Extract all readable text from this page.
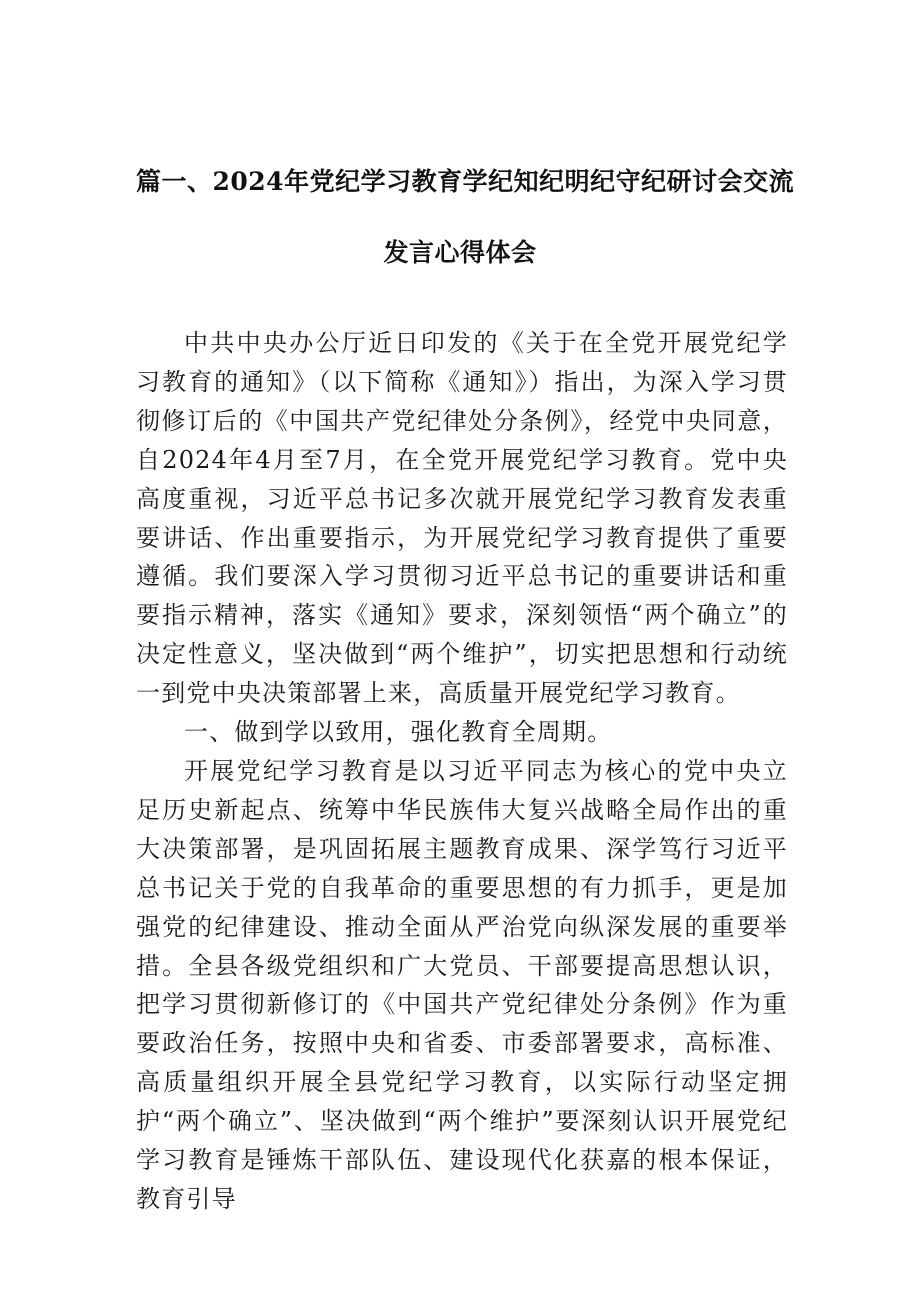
篇一、2024年党纪学习教育学纪知纪明纪守纪研讨会交流
发言心得体会

中共中央办公厅近日印发的《关于在全党开展党纪学习教育的通知》（以下简称《通知》）指出，为深入学习贯彻修订后的《中国共产党纪律处分条例》，经党中央同意，自2024年4月至7月，在全党开展党纪学习教育。党中央高度重视，习近平总书记多次就开展党纪学习教育发表重要讲话、作出重要指示，为开展党纪学习教育提供了重要遵循。我们要深入学习贯彻习近平总书记的重要讲话和重要指示精神，落实《通知》要求，深刻领悟“两个确立”的决定性意义，坚决做到“两个维护”，切实把思想和行动统一到党中央决策部署上来，高质量开展党纪学习教育。

一、做到学以致用，强化教育全周期。

开展党纪学习教育是以习近平同志为核心的党中央立足历史新起点、统筹中华民族伟大复兴战略全局作出的重大决策部署，是巩固拓展主题教育成果、深学笃行习近平总书记关于党的自我革命的重要思想的有力抓手，更是加强党的纪律建设、推动全面从严治党向纵深发展的重要举措。全县各级党组织和广大党员、干部要提高思想认识，把学习贯彻新修订的《中国共产党纪律处分条例》作为重要政治任务，按照中央和省委、市委部署要求，高标准、高质量组织开展全县党纪学习教育，以实际行动坚定拥护“两个确立”、坚决做到“两个维护”要深刻认识开展党纪学习教育是锤炼干部队伍、建设现代化获嘉的根本保证，教育引导
